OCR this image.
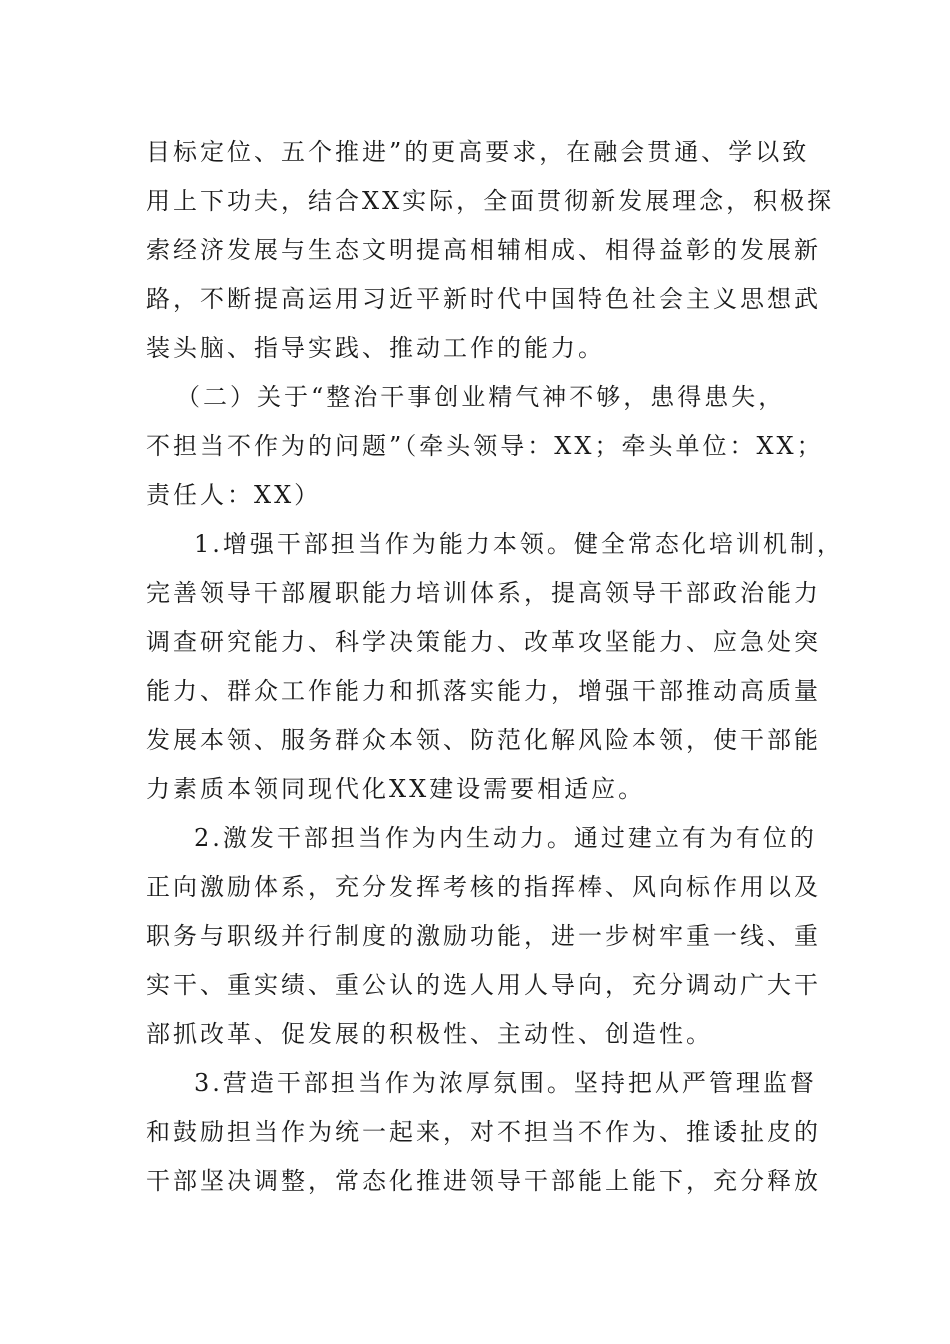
目标定位、五个推进”的更高要求，在融会贯通、学以致
用上下功夫，结合XX实际，全面贯彻新发展理念，积极探
索经济发展与生态文明提高相辅相成、相得益彰的发展新
路，不断提高运用习近平新时代中国特色社会主义思想武
装头脑、指导实践、推动工作的能力。
（二）关于“整治干事创业精气神不够，患得患失，
不担当不作为的问题”（牵头领导：XX；牵头单位：XX；
责任人：XX）
1.增强干部担当作为能力本领。健全常态化培训机制，
完善领导干部履职能力培训体系，提高领导干部政治能力
调查研究能力、科学决策能力、改革攻坚能力、应急处突
能力、群众工作能力和抓落实能力，增强干部推动高质量
发展本领、服务群众本领、防范化解风险本领，使干部能
力素质本领同现代化XX建设需要相适应。
2.激发干部担当作为内生动力。通过建立有为有位的
正向激励体系，充分发挥考核的指挥棒、风向标作用以及
职务与职级并行制度的激励功能，进一步树牢重一线、重
实干、重实绩、重公认的选人用人导向，充分调动广大干
部抓改革、促发展的积极性、主动性、创造性。
3.营造干部担当作为浓厚氛围。坚持把从严管理监督
和鼓励担当作为统一起来，对不担当不作为、推诿扯皮的
干部坚决调整，常态化推进领导干部能上能下，充分释放
